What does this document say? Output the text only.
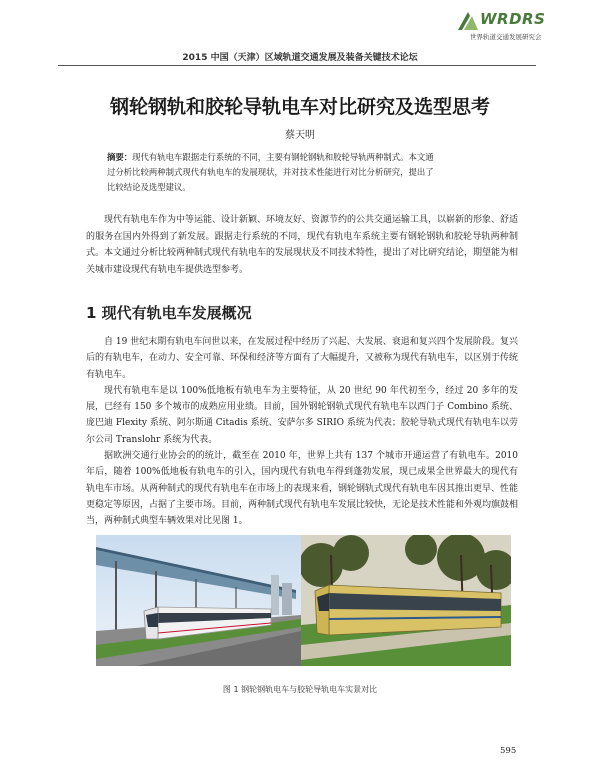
WRDRS
世界轨道交通发展研究会
2015 中国（天津）区域轨道交通发展及装备关键技术论坛
钢轮钢轨和胶轮导轨电车对比研究及选型思考
蔡天明
摘要：现代有轨电车跟据走行系统的不同，主要有钢轮钢轨和胶轮导轨两种制式。本文通
过分析比较两种制式现代有轨电车的发展现状，并对技术性能进行对比分析研究，提出了
比较结论及选型建议。

现代有轨电车作为中等运能、设计新颖、环境友好、资源节约的公共交通运输工具，以崭新的形象、舒适的服务在国内外得到了新发展。跟据走行系统的不同，现代有轨电车系统主要有钢轮钢轨和胶轮导轨两种制式。本文通过分析比较两种制式现代有轨电车的发展现状及不同技术特性，提出了对比研究结论，期望能为相关城市建设现代有轨电车提供选型参考。

1 现代有轨电车发展概况

自 19 世纪末期有轨电车问世以来，在发展过程中经历了兴起、大发展、衰退和复兴四个发展阶段。复兴后的有轨电车，在动力、安全可靠、环保和经济等方面有了大幅提升，又被称为现代有轨电车，以区别于传统有轨电车。

现代有轨电车是以 100%低地板有轨电车为主要特征，从 20 世纪 90 年代初至今，经过 20 多年的发展，已经有 150 多个城市的成熟应用业绩。目前，国外钢轮钢轨式现代有轨电车以西门子 Combino 系统、庞巴迪 Flexity 系统、阿尔斯通 Citadis 系统、安萨尔多 SIRIO 系统为代表；胶轮导轨式现代有轨电车以劳尔公司 Translohr 系统为代表。

据欧洲交通行业协会的的统计，截至在 2010 年，世界上共有 137 个城市开通运营了有轨电车。2010 年后，随着 100%低地板有轨电车的引入，国内现代有轨电车得到蓬勃发展，现已成果全世界最大的现代有轨电车市场。从两种制式的现代有轨电车在市场上的表现来看，钢轮钢轨式现代有轨电车因其推出更早、性能更稳定等原因，占据了主要市场。目前，两种制式现代有轨电车发展比较快，无论是技术性能和外观均旗鼓相当，两种制式典型车辆效果对比见图 1。

图 1 钢轮钢轨电车与胶轮导轨电车实景对比
595
